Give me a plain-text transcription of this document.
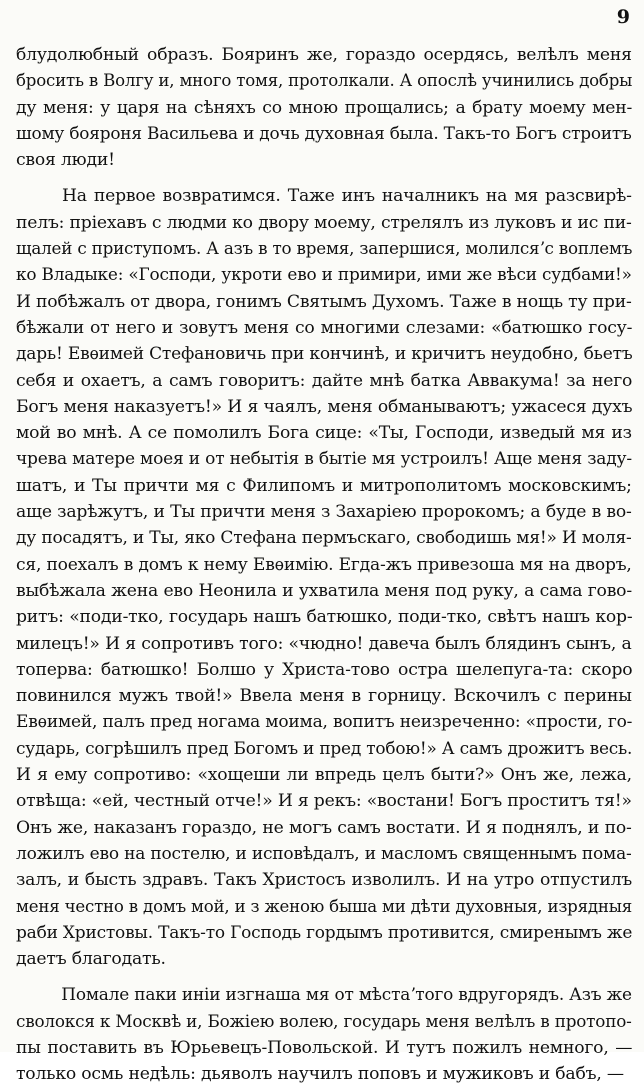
9
блудолюбный образъ. Бояринъ же, гораздо осердясь, велѣлъ меня
бросить в Волгу и, много томя, протолкали. А опослѣ учинились добры
ду меня: у царя на сѣняхъ со мною прощались; а брату моему мен-
шому бояроня Васильева и дочь духовная была. Такъ-то Богъ строитъ
своя люди!
На первое возвратимся. Таже инъ началникъ на мя разсвирѣ-
пелъ: пріехавъ с людми ко двору моему, стрелялъ из луковъ и ис пи-
щалей с приступомъ. А азъ в то время, запершися, молилсяʼс воплемъ
ко Владыке: «Господи, укроти ево и примири, ими же вѣси судбами!»
И побѣжалъ от двора, гонимъ Святымъ Духомъ. Таже в нощь ту при-
бѣжали от него и зовутъ меня со многими слезами: «батюшко госу-
дарь! Евѳимей Стефановичь при кончинѣ, и кричитъ неудобно, бьетъ
себя и охаетъ, а самъ говоритъ: дайте мнѣ батка Аввакума! за него
Богъ меня наказуетъ!» И я чаялъ, меня обманываютъ; ужасеся духъ
мой во мнѣ. А се помолилъ Бога сице: «Ты, Господи, изведый мя из
чрева матере моея и от небытія в бытіе мя устроилъ! Аще меня заду-
шатъ, и Ты причти мя с Филипомъ и митрополитомъ московскимъ;
аще зарѣжутъ, и Ты причти меня з Захаріею пророкомъ; а буде в во-
ду посадятъ, и Ты, яко Стефана пермъскаго, свободишь мя!» И моля-
ся, поехалъ в домъ к нему Евѳимію. Егда-жъ привезоша мя на дворъ,
выбѣжала жена ево Неонила и ухватила меня под руку, а сама гово-
ритъ: «поди-тко, государь нашъ батюшко, поди-тко, свѣтъ нашъ кор-
милецъ!» И я сопротивъ того: «чюдно! давеча былъ блядинъ сынъ, а
топерва: батюшко! Болшо у Христа-тово остра шелепуга-та: скоро
повинился мужъ твой!» Ввела меня в горницу. Вскочилъ с перины
Евѳимей, палъ пред ногама моима, вопитъ неизреченно: «прости, го-
сударь, согрѣшилъ пред Богомъ и пред тобою!» А самъ дрожитъ весь.
И я ему сопротиво: «хощеши ли впредь целъ быти?» Онъ же, лежа,
отвѣща: «ей, честный отче!» И я рекъ: «востани! Богъ проститъ тя!»
Онъ же, наказанъ гораздо, не могъ самъ востати. И я поднялъ, и по-
ложилъ ево на постелю, и исповѣдалъ, и масломъ священнымъ пома-
залъ, и бысть здравъ. Такъ Христосъ изволилъ. И на утро отпустилъ
меня честно в домъ мой, и з женою быша ми дѣти духовныя, изрядныя
раби Христовы. Такъ-то Господь гордымъ противится, смиренымъ же
даетъ благодать.
Помале паки иніи изгнаша мя от мѣстаʼтого вдругорядъ. Азъ же
сволокся к Москвѣ и, Божіею волею, государь меня велѣлъ в протопо-
пы поставить въ Юрьевецъ-Повольской. И тутъ пожилъ немного, —
только осмь недѣль: дьяволъ научилъ поповъ и мужиковъ и бабъ, —
